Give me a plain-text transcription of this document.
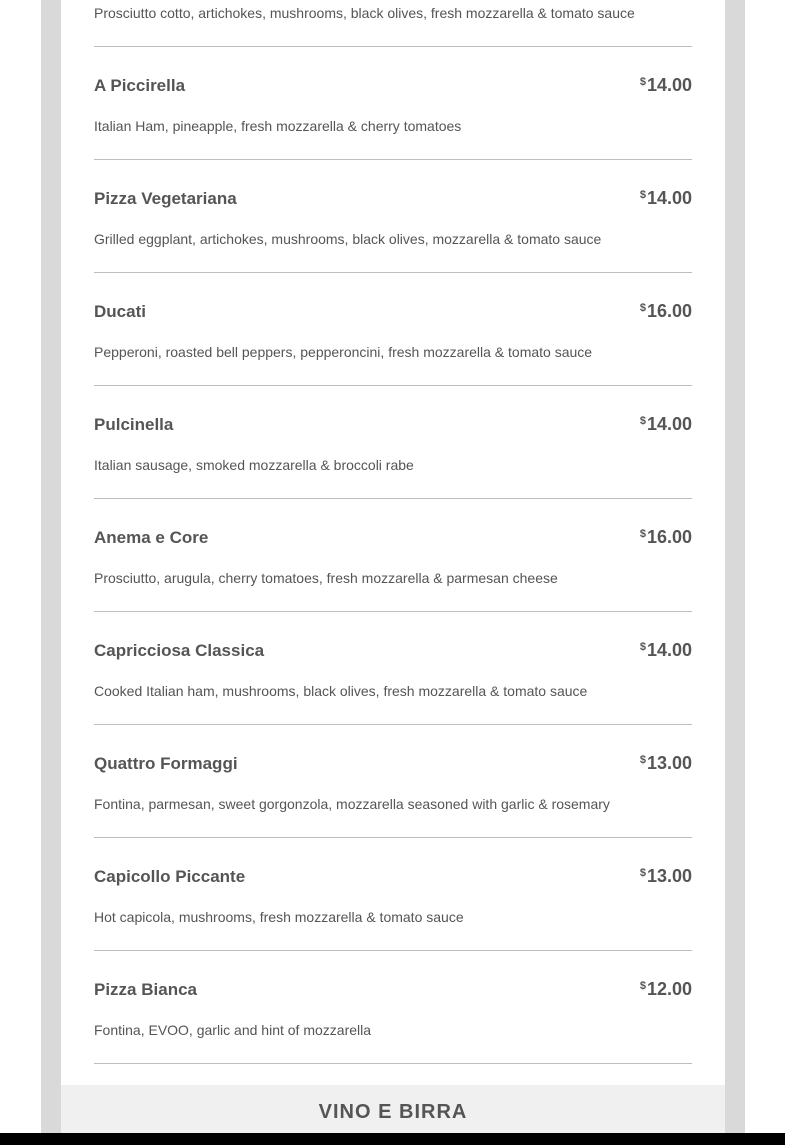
Prosciutto cotto, artichokes, mushrooms, black olives, fresh mozzarella & tomato sauce
A Piccirella	$14.00
Italian Ham, pineapple, fresh mozzarella & cherry tomatoes
Pizza Vegetariana	$14.00
Grilled eggplant, artichokes, mushrooms, black olives, mozzarella & tomato sauce
Ducati	$16.00
Pepperoni, roasted bell peppers, pepperoncini, fresh mozzarella & tomato sauce
Pulcinella	$14.00
Italian sausage, smoked mozzarella & broccoli rabe
Anema e Core	$16.00
Prosciutto, arugula, cherry tomatoes, fresh mozzarella & parmesan cheese
Capricciosa Classica	$14.00
Cooked Italian ham, mushrooms, black olives, fresh mozzarella & tomato sauce
Quattro Formaggi	$13.00
Fontina, parmesan, sweet gorgonzola, mozzarella seasoned with garlic & rosemary
Capicollo Piccante	$13.00
Hot capicola, mushrooms, fresh mozzarella & tomato sauce
Pizza Bianca	$12.00
Fontina, EVOO, garlic and hint of mozzarella
VINO E BIRRA
